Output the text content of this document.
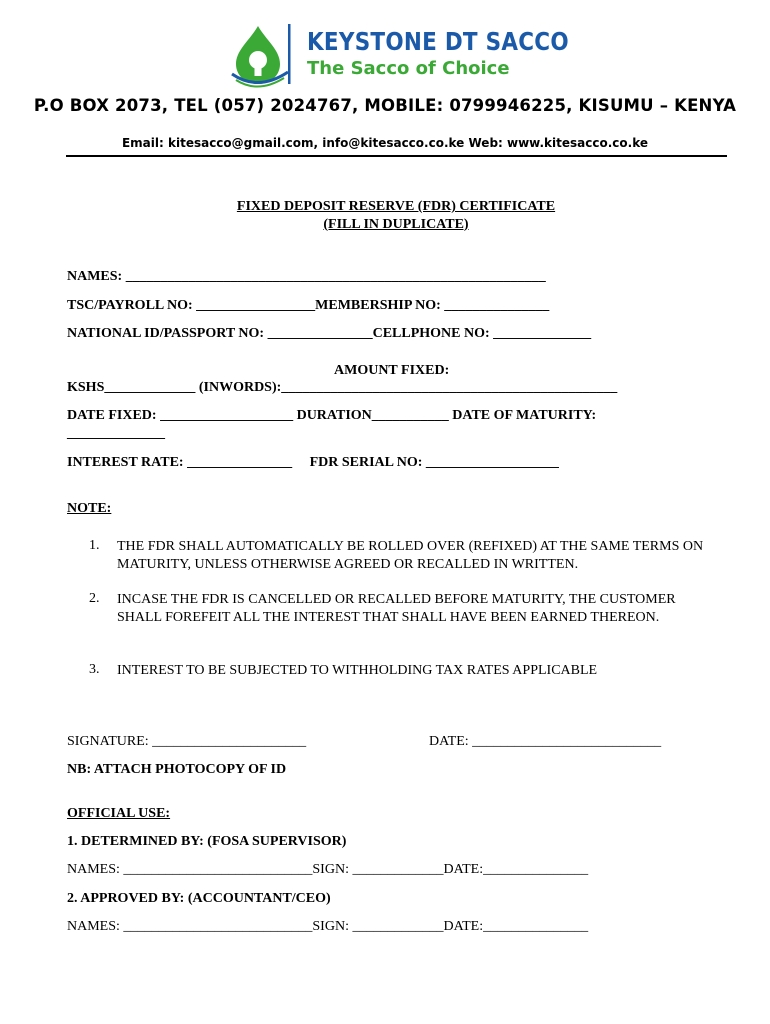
KEYSTONE DT SACCO
The Sacco of Choice
P.O BOX 2073, TEL (057) 2024767, MOBILE: 0799946225, KISUMU – KENYA
Email: kitesacco@gmail.com, info@kitesacco.co.ke Web: www.kitesacco.co.ke
FIXED DEPOSIT RESERVE (FDR) CERTIFICATE
(FILL IN DUPLICATE)
NAMES: ____________________________________________________________
TSC/PAYROLL NO: _________________MEMBERSHIP NO: _______________
NATIONAL ID/PASSPORT NO: _______________CELLPHONE NO: ______________
AMOUNT FIXED:
KSHS_____________ (INWORDS):________________________________________________
DATE FIXED: ___________________ DURATION___________ DATE OF MATURITY:
______________
INTEREST RATE: _______________     FDR SERIAL NO: ___________________
NOTE:
1. THE FDR SHALL AUTOMATICALLY BE ROLLED OVER (REFIXED) AT THE SAME TERMS ON MATURITY, UNLESS OTHERWISE AGREED OR RECALLED IN WRITTEN.
2. INCASE THE FDR IS CANCELLED OR RECALLED BEFORE MATURITY, THE CUSTOMER SHALL FOREFEIT ALL THE INTEREST THAT SHALL HAVE BEEN EARNED THEREON.
3. INTEREST TO BE SUBJECTED TO WITHHOLDING TAX RATES APPLICABLE
SIGNATURE: ______________________	DATE: ___________________________
NB: ATTACH PHOTOCOPY OF ID
OFFICIAL USE:
1. DETERMINED BY: (FOSA SUPERVISOR)
NAMES: ___________________________SIGN: _____________DATE:_______________
2. APPROVED BY: (ACCOUNTANT/CEO)
NAMES: ___________________________SIGN: _____________DATE:_______________
